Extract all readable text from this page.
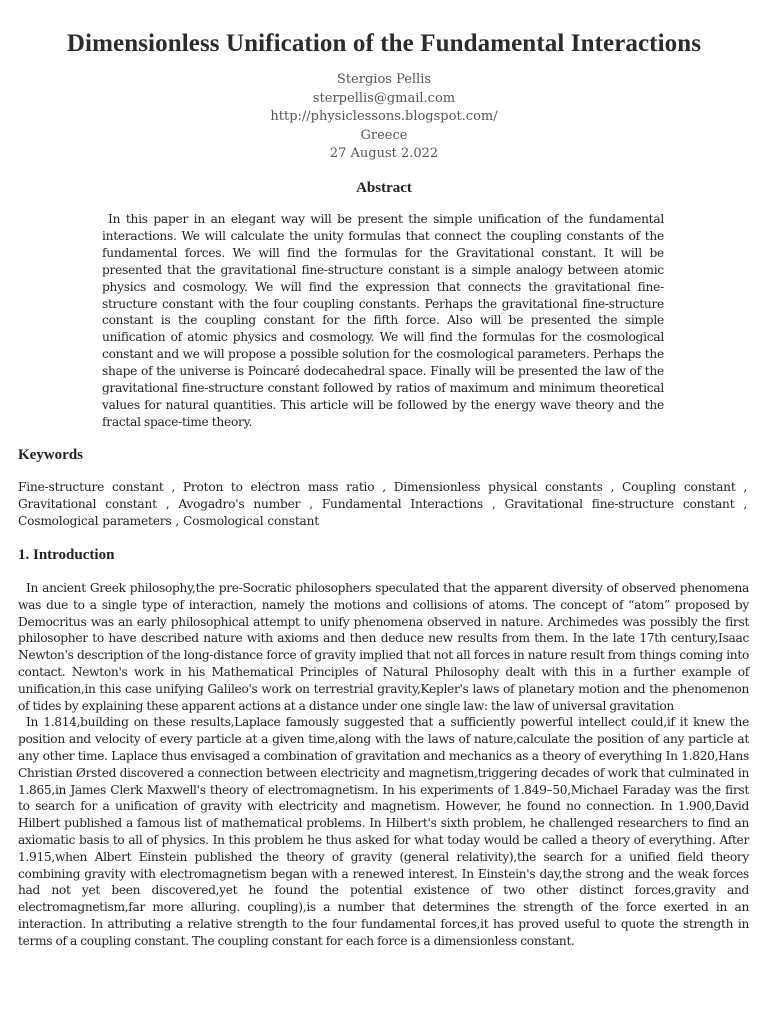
Dimensionless Unification of the Fundamental Interactions
Stergios Pellis
sterpellis@gmail.com
http://physiclessons.blogspot.com/
Greece
27 August 2.022
Abstract
In this paper in an elegant way will be present the simple unification of the fundamental interactions. We will calculate the unity formulas that connect the coupling constants of the fundamental forces. We will find the formulas for the Gravitational constant. It will be presented that the gravitational fine-structure constant is a simple analogy between atomic physics and cosmology. We will find the expression that connects the gravitational fine-structure constant with the four coupling constants. Perhaps the gravitational fine-structure constant is the coupling constant for the fifth force. Also will be presented the simple unification of atomic physics and cosmology. We will find the formulas for the cosmological constant and we will propose a possible solution for the cosmological parameters. Perhaps the shape of the universe is Poincaré dodecahedral space. Finally will be presented the law of the gravitational fine-structure constant followed by ratios of maximum and minimum theoretical values for natural quantities. This article will be followed by the energy wave theory and the fractal space-time theory.
Keywords
Fine-structure constant , Proton to electron mass ratio , Dimensionless physical constants , Coupling constant , Gravitational constant , Avogadro's number , Fundamental Interactions , Gravitational fine-structure constant , Cosmological parameters , Cosmological constant
1. Introduction

In ancient Greek philosophy,the pre-Socratic philosophers speculated that the apparent diversity of observed phenomena was due to a single type of interaction, namely the motions and collisions of atoms. The concept of “atom” proposed by Democritus was an early philosophical attempt to unify phenomena observed in nature. Archimedes was possibly the first philosopher to have described nature with axioms and then deduce new results from them. In the late 17th century,Isaac Newton's description of the long-distance force of gravity implied that not all forces in nature result from things coming into contact. Newton's work in his Mathematical Principles of Natural Philosophy dealt with this in a further example of unification,in this case unifying Galileo's work on terrestrial gravity,Kepler's laws of planetary motion and the phenomenon of tides by explaining these apparent actions at a distance under one single law: the law of universal gravitation

In 1.814,building on these results,Laplace famously suggested that a sufficiently powerful intellect could,if it knew the position and velocity of every particle at a given time,along with the laws of nature,calculate the position of any particle at any other time. Laplace thus envisaged a combination of gravitation and mechanics as a theory of everything In 1.820,Hans Christian Ørsted discovered a connection between electricity and magnetism,triggering decades of work that culminated in 1.865,in James Clerk Maxwell's theory of electromagnetism. In his experiments of 1.849–50,Michael Faraday was the first to search for a unification of gravity with electricity and magnetism. However, he found no connection. In 1.900,David Hilbert published a famous list of mathematical problems. In Hilbert's sixth problem, he challenged researchers to find an axiomatic basis to all of physics. In this problem he thus asked for what today would be called a theory of everything. After 1.915,when Albert Einstein published the theory of gravity (general relativity),the search for a unified field theory combining gravity with electromagnetism began with a renewed interest. In Einstein's day,the strong and the weak forces had not yet been discovered,yet he found the potential existence of two other distinct forces,gravity and electromagnetism,far more alluring. coupling),is a number that determines the strength of the force exerted in an interaction. In attributing a relative strength to the four fundamental forces,it has proved useful to quote the strength in terms of a coupling constant. The coupling constant for each force is a dimensionless constant.
